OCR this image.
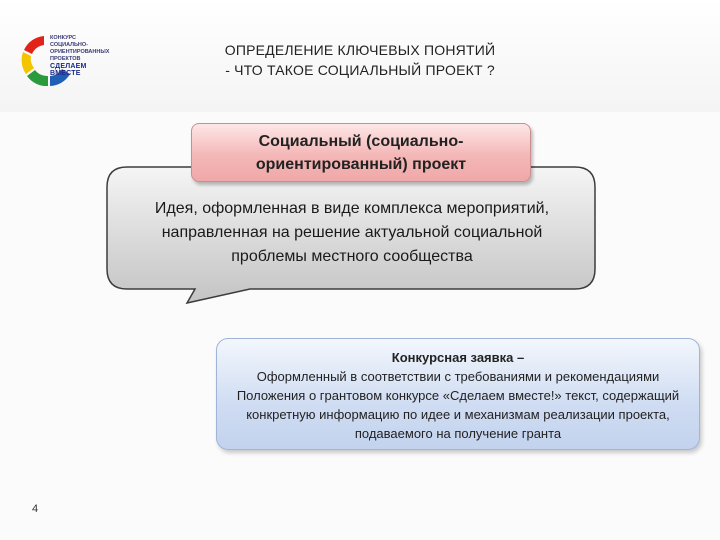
КОНКУРС СОЦИАЛЬНО-
ОРИЕНТИРОВАННЫХ ПРОЕКТОВ
СДЕЛАЕМ ВМЕСТЕ
ОПРЕДЕЛЕНИЕ КЛЮЧЕВЫХ ПОНЯТИЙ
- ЧТО ТАКОЕ СОЦИАЛЬНЫЙ ПРОЕКТ ?
Идея, оформленная в виде комплекса мероприятий, направленная на решение актуальной социальной проблемы местного сообщества
Социальный (социально-ориентированный) проект
Конкурсная заявка –
Оформленный в соответствии с требованиями и рекомендациями Положения о грантовом конкурсе «Сделаем вместе!» текст, содержащий конкретную информацию по идее и механизмам реализации проекта, подаваемого на получение гранта
4
